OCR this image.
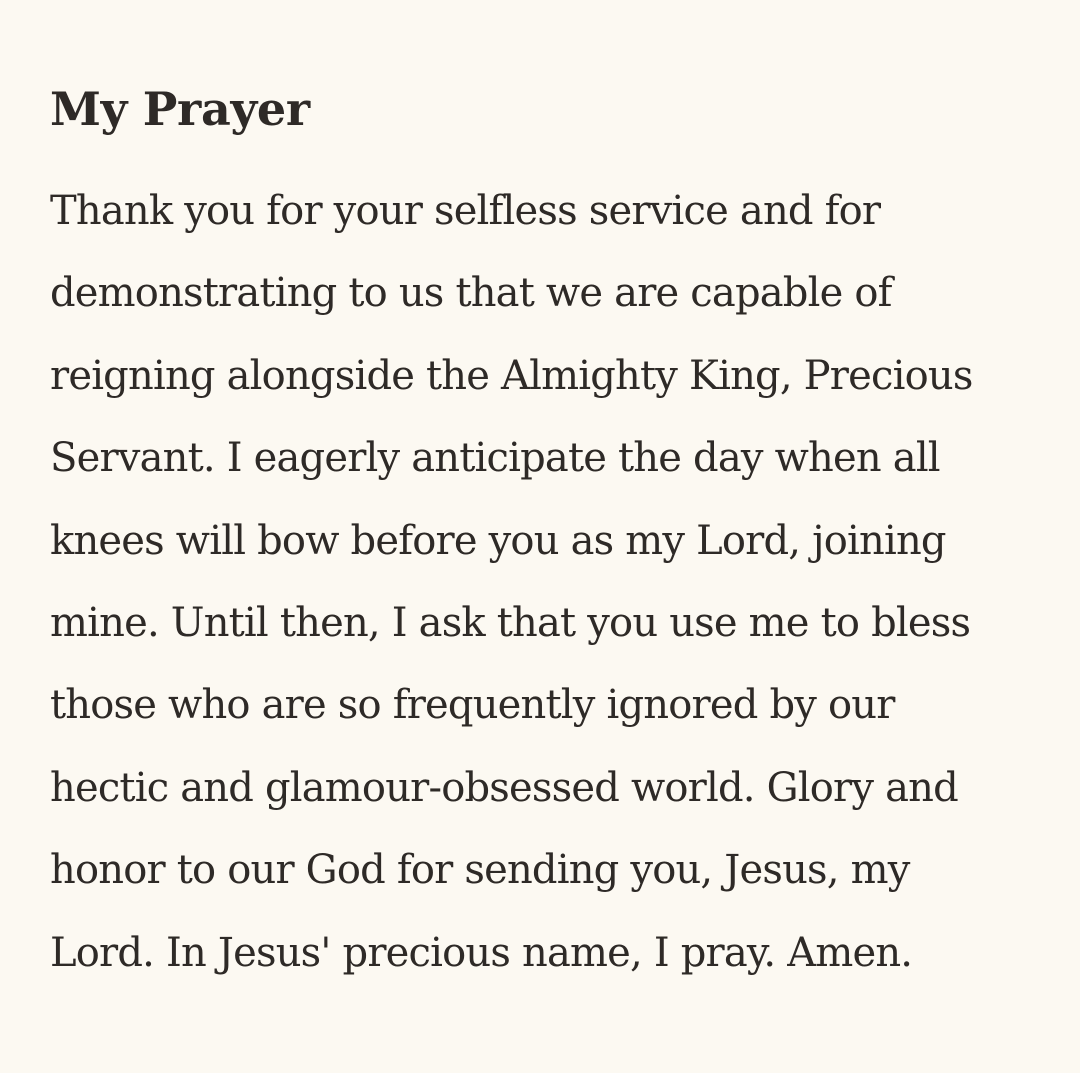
My Prayer

Thank you for your selfless service and for
demonstrating to us that we are capable of
reigning alongside the Almighty King, Precious
Servant. I eagerly anticipate the day when all
knees will bow before you as my Lord, joining
mine. Until then, I ask that you use me to bless
those who are so frequently ignored by our
hectic and glamour-obsessed world. Glory and
honor to our God for sending you, Jesus, my
Lord. In Jesus' precious name, I pray. Amen.
